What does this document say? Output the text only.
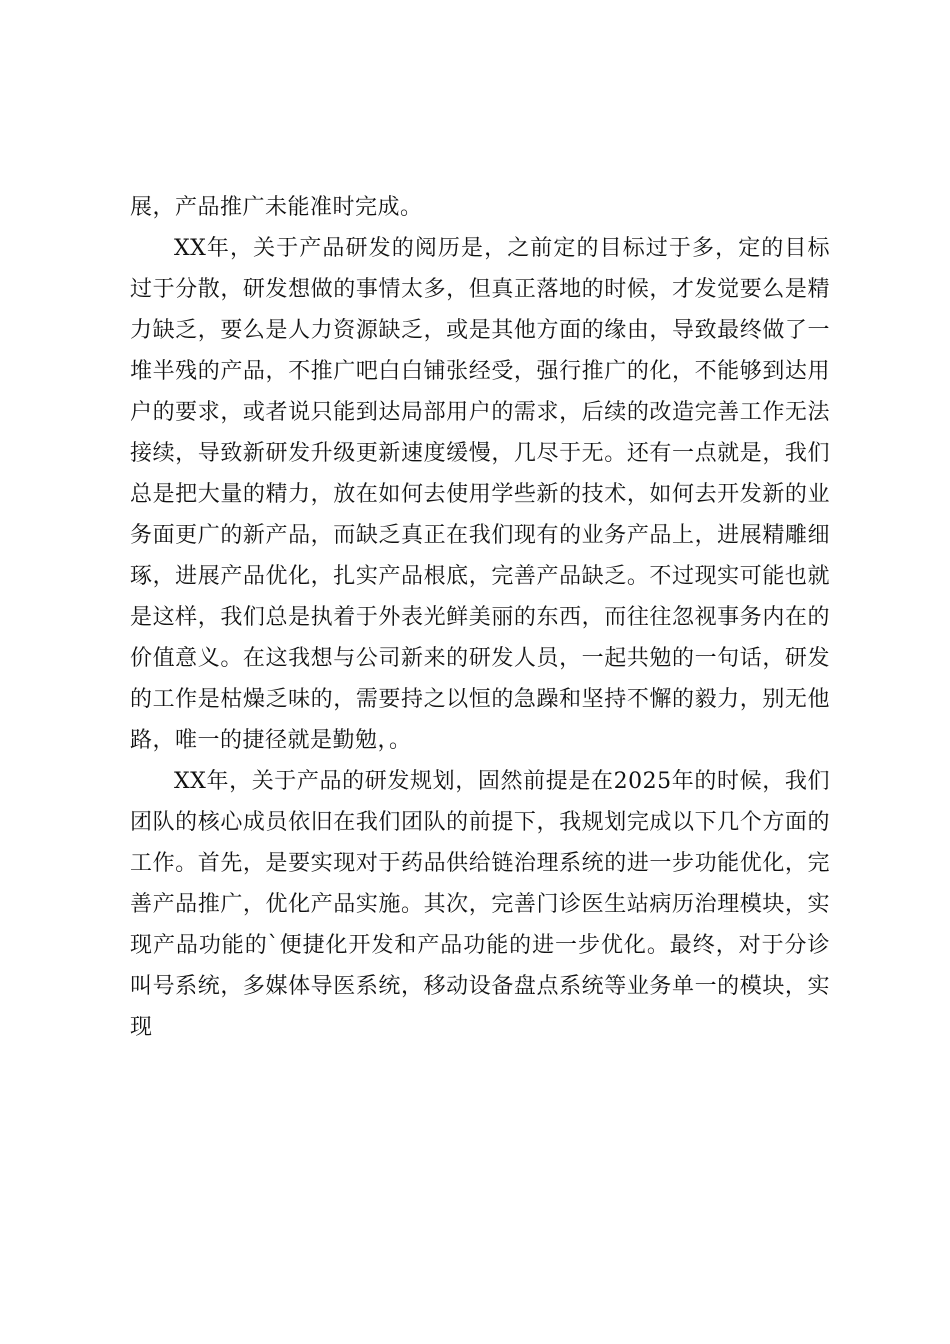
展，产品推广未能准时完成。

XX年，关于产品研发的阅历是，之前定的目标过于多，定的目标过于分散，研发想做的事情太多，但真正落地的时候，才发觉要么是精力缺乏，要么是人力资源缺乏，或是其他方面的缘由，导致最终做了一堆半残的产品，不推广吧白白铺张经受，强行推广的化，不能够到达用户的要求，或者说只能到达局部用户的需求，后续的改造完善工作无法接续，导致新研发升级更新速度缓慢，几尽于无。还有一点就是，我们总是把大量的精力，放在如何去使用学些新的技术，如何去开发新的业务面更广的新产品，而缺乏真正在我们现有的业务产品上，进展精雕细琢，进展产品优化，扎实产品根底，完善产品缺乏。不过现实可能也就是这样，我们总是执着于外表光鲜美丽的东西，而往往忽视事务内在的价值意义。在这我想与公司新来的研发人员，一起共勉的一句话，研发的工作是枯燥乏味的，需要持之以恒的急躁和坚持不懈的毅力，别无他路，唯一的捷径就是勤勉，。

XX年，关于产品的研发规划，固然前提是在2025年的时候，我们团队的核心成员依旧在我们团队的前提下，我规划完成以下几个方面的工作。首先，是要实现对于药品供给链治理系统的进一步功能优化，完善产品推广，优化产品实施。其次，完善门诊医生站病历治理模块，实现产品功能的`便捷化开发和产品功能的进一步优化。最终，对于分诊叫号系统，多媒体导医系统，移动设备盘点系统等业务单一的模块，实现
